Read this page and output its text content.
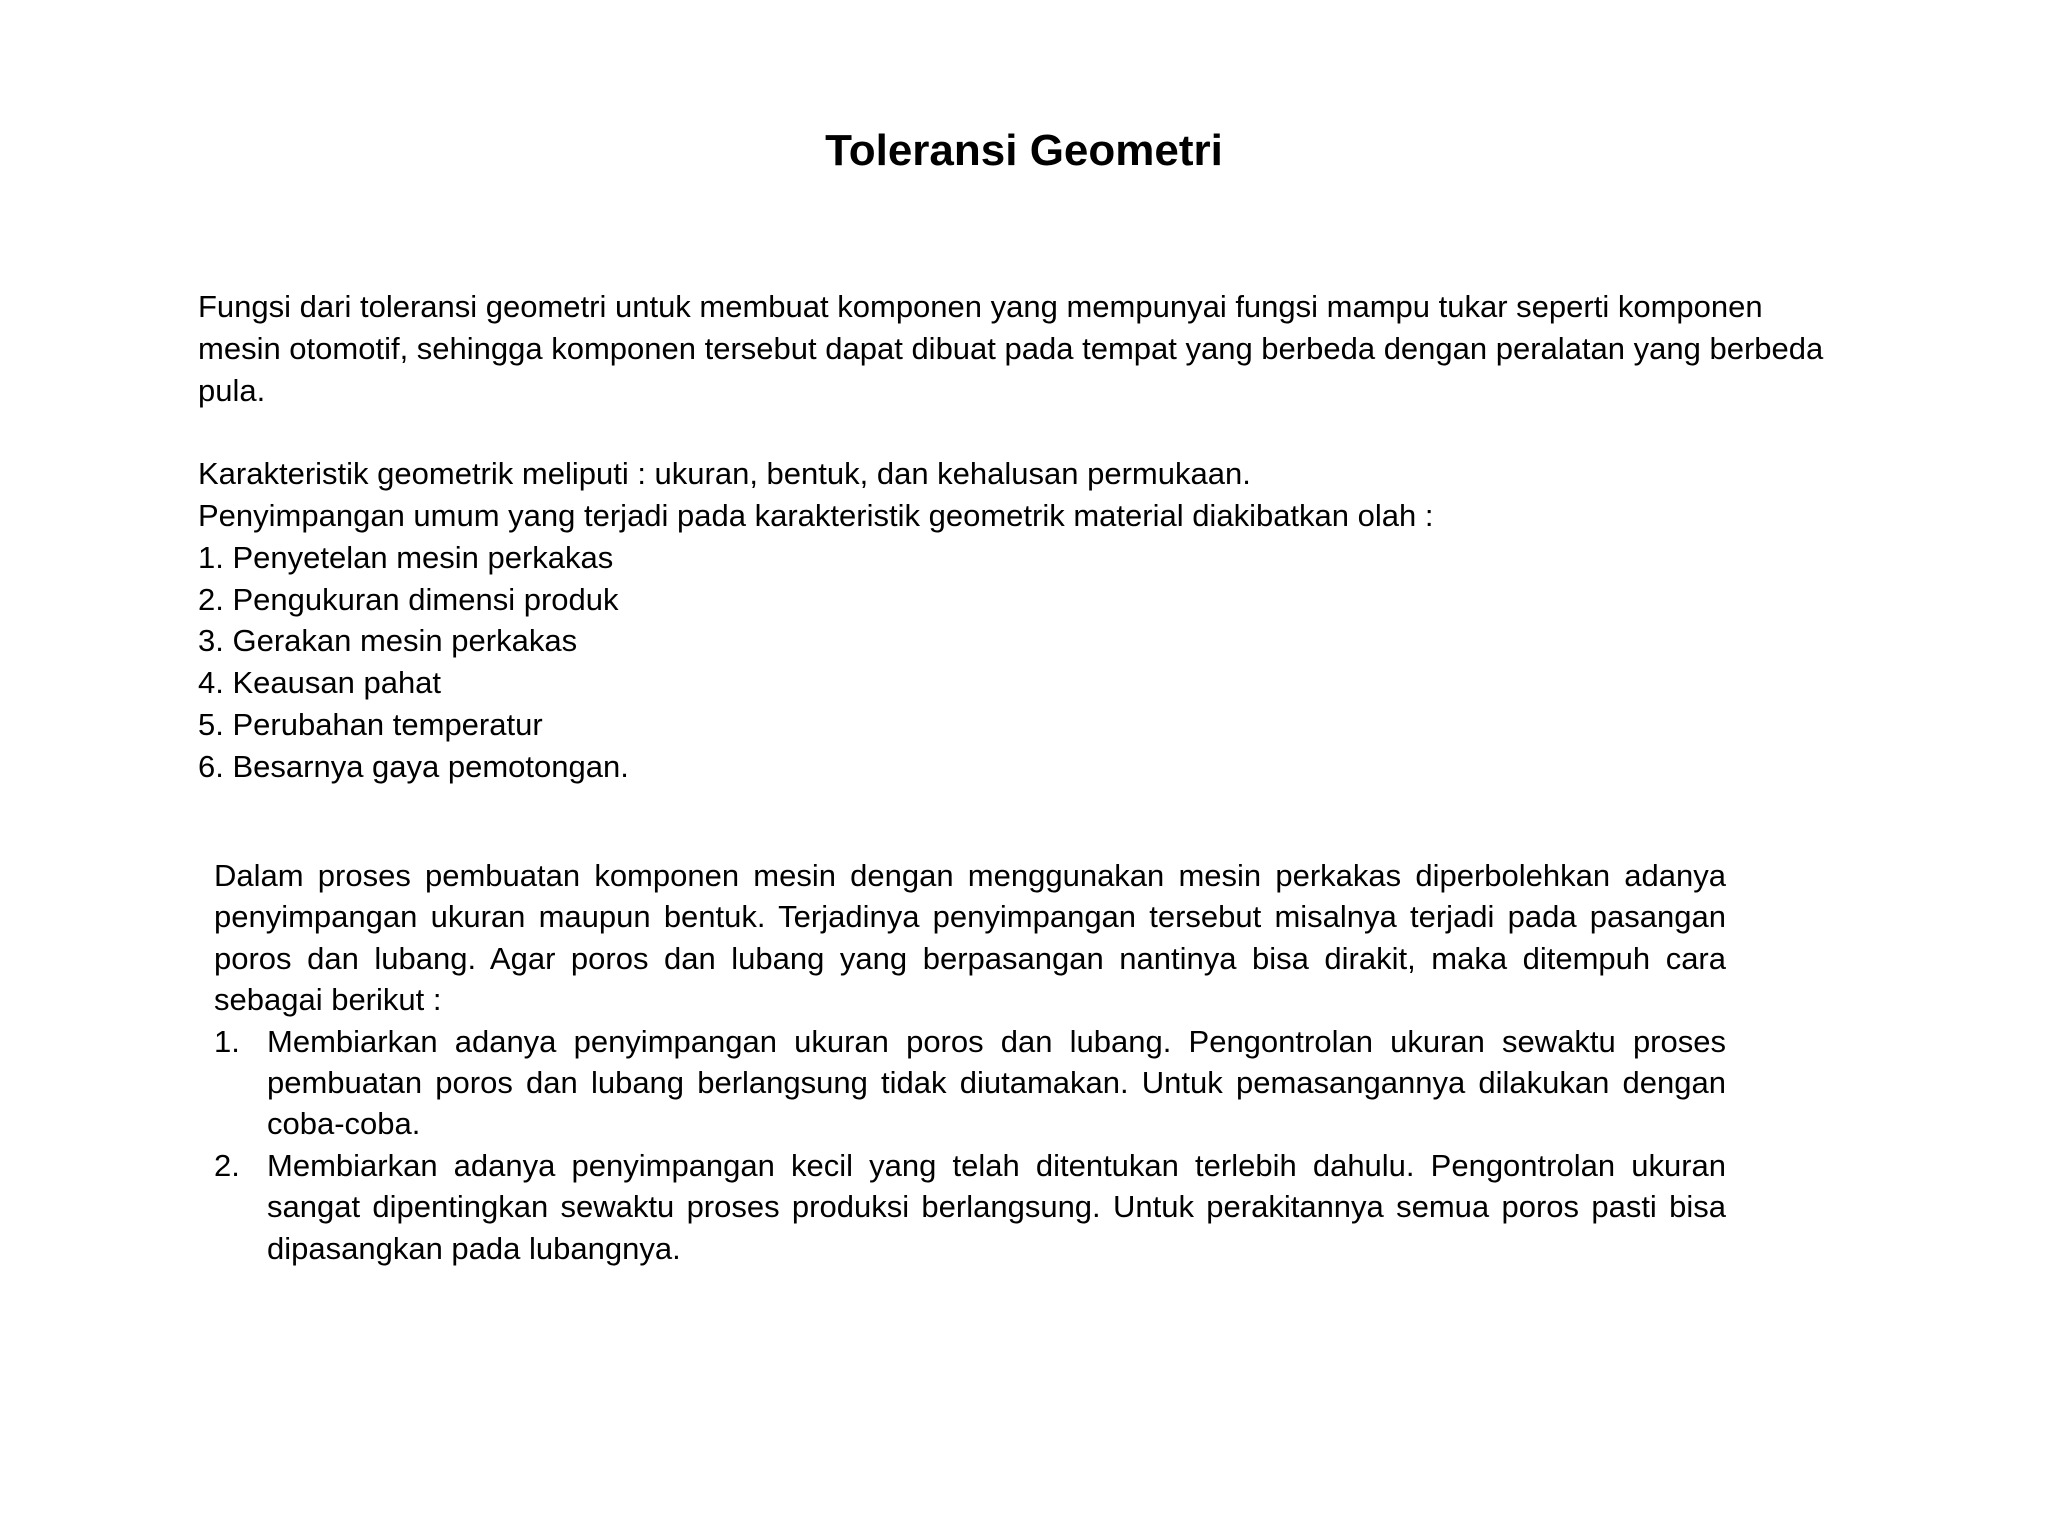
Toleransi Geometri

Fungsi dari toleransi geometri untuk membuat komponen yang mempunyai fungsi mampu tukar seperti komponen mesin otomotif, sehingga komponen tersebut dapat dibuat pada tempat yang berbeda dengan peralatan yang berbeda pula.

Karakteristik geometrik meliputi : ukuran, bentuk, dan kehalusan permukaan.

Penyimpangan umum yang terjadi pada karakteristik geometrik material diakibatkan olah :

1. Penyetelan mesin perkakas

2. Pengukuran dimensi produk

3. Gerakan mesin perkakas

4. Keausan pahat

5. Perubahan temperatur

6. Besarnya gaya pemotongan.

Dalam proses pembuatan komponen mesin dengan menggunakan mesin perkakas diperbolehkan adanya penyimpangan ukuran maupun bentuk. Terjadinya penyimpangan tersebut misalnya terjadi pada pasangan poros dan lubang. Agar poros dan lubang yang berpasangan nantinya bisa dirakit, maka ditempuh cara sebagai berikut :

1. Membiarkan adanya penyimpangan ukuran poros dan lubang. Pengontrolan ukuran sewaktu proses pembuatan poros dan lubang berlangsung tidak diutamakan. Untuk pemasangannya dilakukan dengan coba-coba.
2. Membiarkan adanya penyimpangan kecil yang telah ditentukan terlebih dahulu. Pengontrolan ukuran sangat dipentingkan sewaktu proses produksi berlangsung. Untuk perakitannya semua poros pasti bisa dipasangkan pada lubangnya.
